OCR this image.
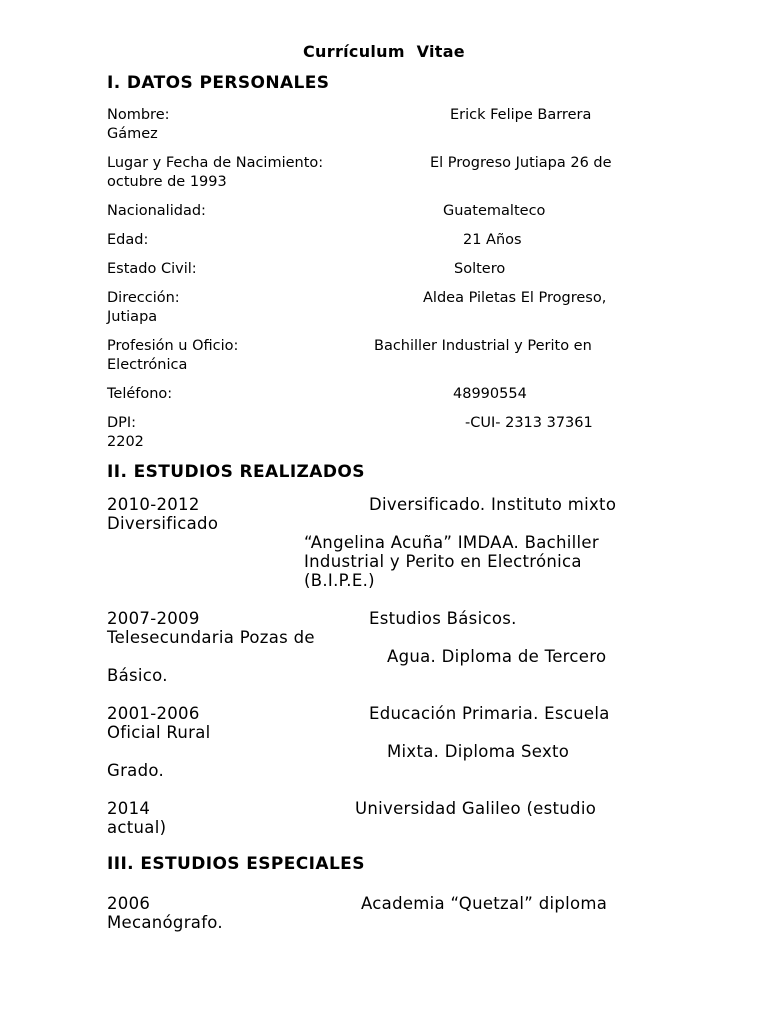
Currículum  Vitae
I. DATOS PERSONALES
Nombre:	Erick Felipe Barrera
Gámez
Lugar y Fecha de Nacimiento:	El Progreso Jutiapa 26 de
octubre de 1993
Nacionalidad:	Guatemalteco
Edad:	21 Años
Estado Civil:	Soltero
Dirección:	Aldea Piletas El Progreso,
Jutiapa
Profesión u Oficio:	Bachiller Industrial y Perito en
Electrónica
Teléfono:	48990554
DPI:	-CUI- 2313 37361
2202
II. ESTUDIOS REALIZADOS
2010-2012	Diversificado. Instituto mixto
Diversificado
“Angelina Acuña” IMDAA. Bachiller
Industrial y Perito en Electrónica
(B.I.P.E.)
2007-2009	Estudios Básicos.
Telesecundaria Pozas de
Agua. Diploma de Tercero
Básico.
2001-2006	Educación Primaria. Escuela
Oficial Rural
Mixta. Diploma Sexto
Grado.
2014	Universidad Galileo (estudio
actual)
III. ESTUDIOS ESPECIALES
2006	Academia “Quetzal” diploma
Mecanógrafo.
